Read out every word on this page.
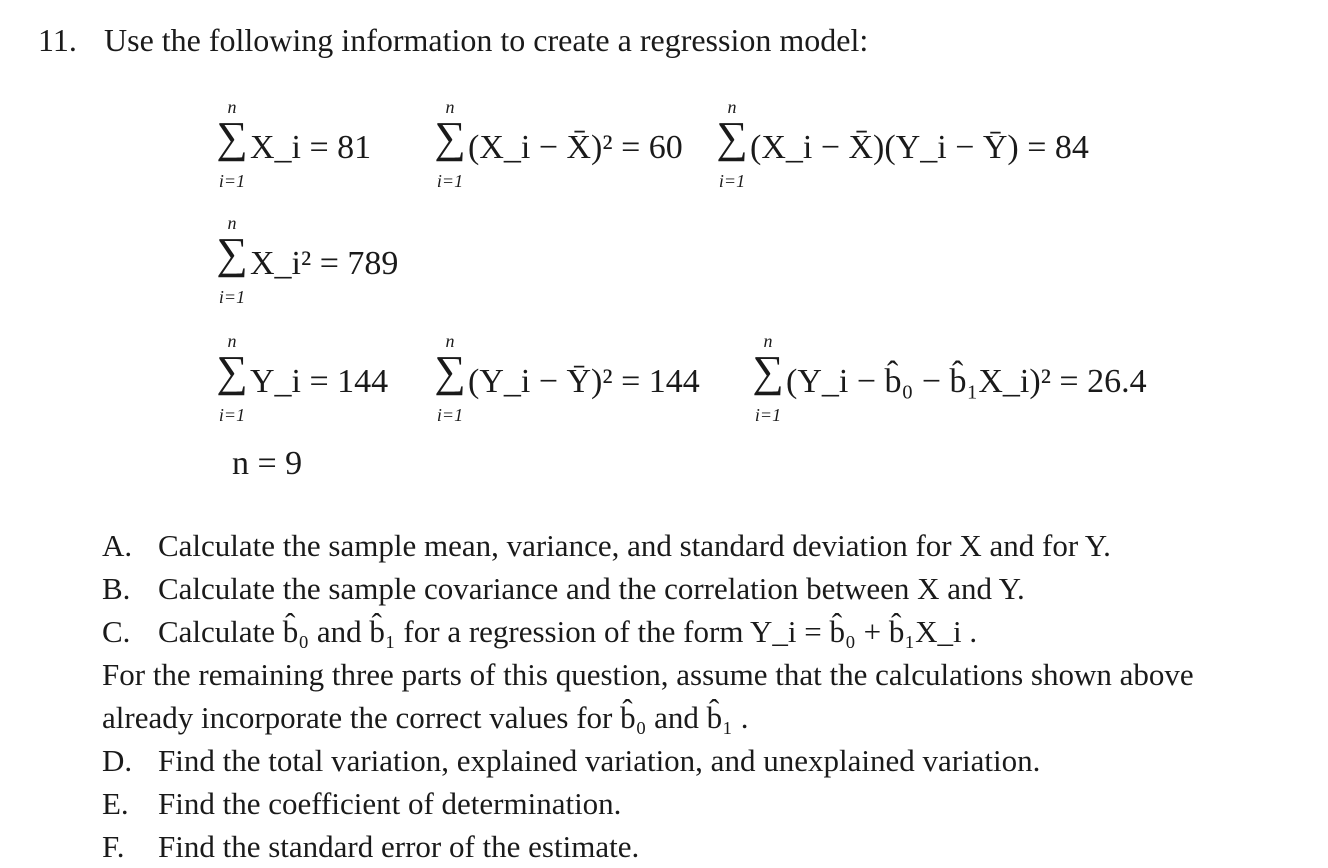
11. Use the following information to create a regression model:
n
∑
i=1
X_i = 81
n
∑
i=1
(X_i − X̄)² = 60
n
∑
i=1
(X_i − X̄)(Y_i − Ȳ) = 84
n
∑
i=1
X_i² = 789
n
∑
i=1
Y_i = 144
n
∑
i=1
(Y_i − Ȳ)² = 144
n
∑
i=1
(Y_i − b̂₀ − b̂₁X_i)² = 26.4
n = 9
A. Calculate the sample mean, variance, and standard deviation for X and for Y.
B. Calculate the sample covariance and the correlation between X and Y.
C. Calculate b̂₀ and b̂₁ for a regression of the form Y_i = b̂₀ + b̂₁X_i .
For the remaining three parts of this question, assume that the calculations shown above
already incorporate the correct values for b̂₀ and b̂₁ .
D. Find the total variation, explained variation, and unexplained variation.
E. Find the coefficient of determination.
F. Find the standard error of the estimate.
